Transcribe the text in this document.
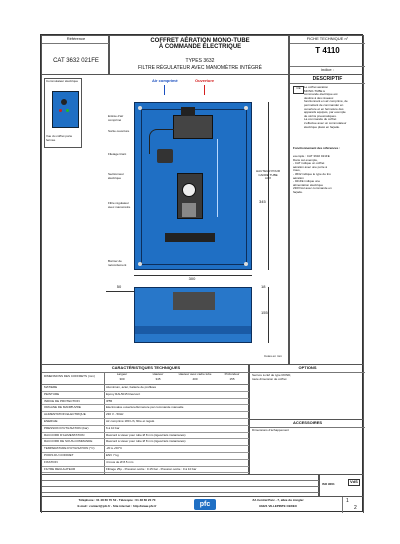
Référence
CAT 3632 021FE
COFFRET AÉRATION MONO-TUBE
À COMMANDE ÉLECTRIQUE
TYPES 3632
FILTRE RÉGULATEUR AVEC MANOMÈTRE INTÉGRÉ
FICHE TECHNIQUE n°
T 4110
indice :
Commutateur électrique
Vue du coffret porte fermée
Entrée d'air comprimé
Sortie ouverture
Filetage tirant
Sectionneur électrique
Filtre régulateur avec manomètre
Bornier de raccordement
Air comprimé	Ouverture
HAUTEUR POUR CADRE TUBE AUX
345
300
50	18
155
Cotes en mm
DESCRIPTIF
CE	Le coffret aération
MONO-TUBE à
commande électrique est
destiné à des réseaux
fonctionnant en air comprimé, de
permettant de commander en
ouverture et en fermeture des
appareils équipés, par exemple
de vérins pneumatiques.
La commande du coffret
s'effectue avec un commutateur
électrique placé en façade.
Fonctionnement des références :
exemple : CAT 3632 021FE
Dans cet exemple,
- CAT indique un coffret
aération avec une porte à
trous,
- 3632 indique le type de tiro
aération
- 021FE indique une
alimentation électrique
230V/cul avec commande en
façade.
CARACTÉRISTIQUES TECHNIQUES
DIMENSIONS DES COFFRETS (mm)	Largeur	Hauteur	Hauteur avec cadre tube	Profondeur
300	345	400	155
MATIÈRE	Aluminium, acier, batterie de profilées
PEINTURE	Epoxy RAL5015 bleu/vert
INDICE DE PROTECTION	IP55
ORGANE DE MANŒUVRE	Electrovalve ouverture/fermeture par commande manuelle
ALIMENTATION ÉLECTRIQUE	230 V - 50Hz
ÉNERGIE	Air comprimé 180 L/h, filtre et régulé
PRESSION D'UTILISATION (bar)	6 à 10 bar
RACCORD D'ALIMENTATION	Raccord à visser pour tube Ø 8 mm (tiges/ciels instantanés)
RACCORD DE SOUS-COMMANDE	Raccord à visser pour tube Ø 8 mm (tiges/ciels instantanés)
TEMPÉRATURE D'UTILISATION (°C)	-20 à +50°C
POIDS DU COFFRET	ENV 7 kg
FIXATION	4 trous de Ø 8.5 mm
FILTRE RÉGULATEUR	Filtrage 25µ - Pression sortie : 0.15 bar - Pression sortie : 0 à 10 bar
OPTIONS
Serrure à clef de type ROND,
toute dimension de coffret
ACCESSOIRES
Dimensions d'échappement
ISO 9001	VdS
Téléphone : 01 48 60 70 52 - Télécopie : 01 48 60 20 70
E-mail : contact@pfc.fr - Site internet : http://www.pfc.fr	pfc
ZA Central Parc - 7, allée du Jongler
93421 VILLEPINTE CEDEX
1
2
